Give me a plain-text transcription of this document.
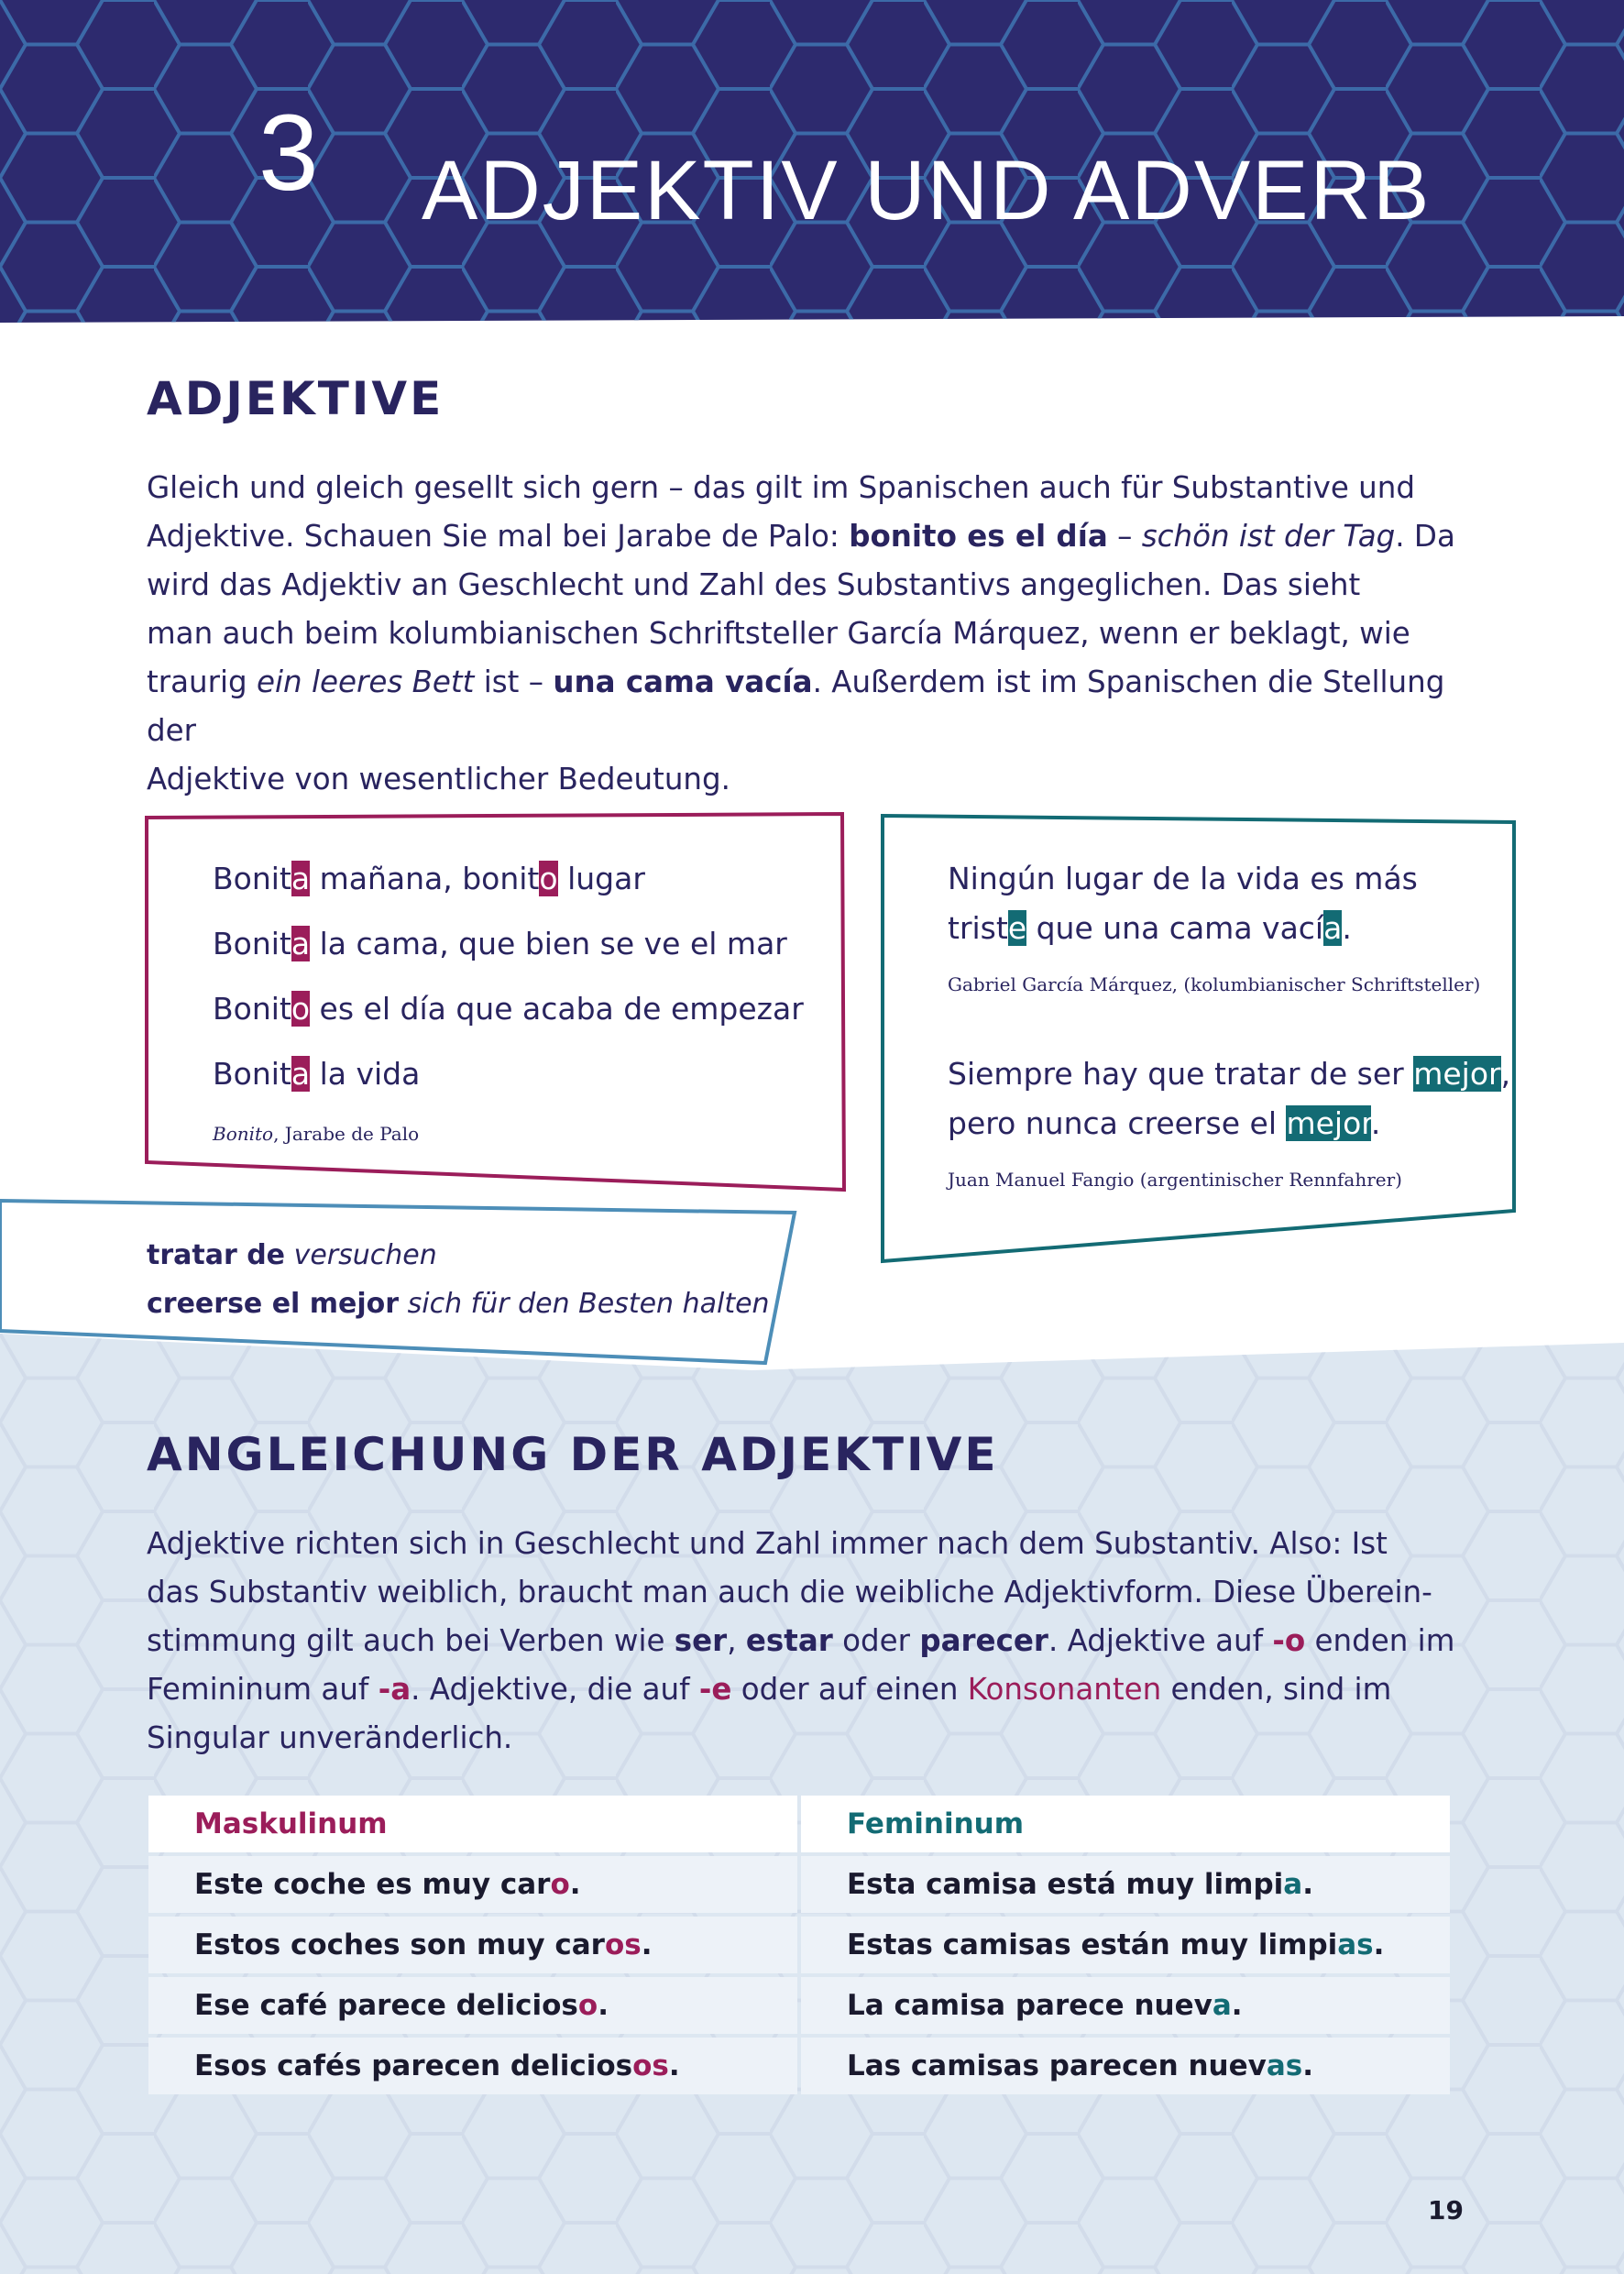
3 ADJEKTIV UND ADVERB
ADJEKTIVE
Gleich und gleich gesellt sich gern – das gilt im Spanischen auch für Substantive und
Adjektive. Schauen Sie mal bei Jarabe de Palo: bonito es el día – schön ist der Tag. Da
wird das Adjektiv an Geschlecht und Zahl des Substantivs angeglichen. Das sieht
man auch beim kolumbianischen Schriftsteller García Márquez, wenn er beklagt, wie
traurig ein leeres Bett ist – una cama vacía. Außerdem ist im Spanischen die Stellung der
Adjektive von wesentlicher Bedeutung.
Bonita mañana, bonito lugar
Bonita la cama, que bien se ve el mar
Bonito es el día que acaba de empezar
Bonita la vida
Bonito, Jarabe de Palo
Ningún lugar de la vida es más
triste que una cama vacía.
Gabriel García Márquez, (kolumbianischer Schriftsteller)
Siempre hay que tratar de ser mejor,
pero nunca creerse el mejor.
Juan Manuel Fangio (argentinischer Rennfahrer)
tratar de versuchen
creerse el mejor sich für den Besten halten
ANGLEICHUNG DER ADJEKTIVE
Adjektive richten sich in Geschlecht und Zahl immer nach dem Substantiv. Also: Ist
das Substantiv weiblich, braucht man auch die weibliche Adjektivform. Diese Überein-
stimmung gilt auch bei Verben wie ser, estar oder parecer. Adjektive auf -o enden im
Femininum auf -a. Adjektive, die auf -e oder auf einen Konsonanten enden, sind im
Singular unveränderlich.
Maskulinum	Femininum
Este coche es muy caro.	Esta camisa está muy limpia.
Estos coches son muy caros.	Estas camisas están muy limpias.
Ese café parece delicioso.	La camisa parece nueva.
Esos cafés parecen deliciosos.	Las camisas parecen nuevas.
19
